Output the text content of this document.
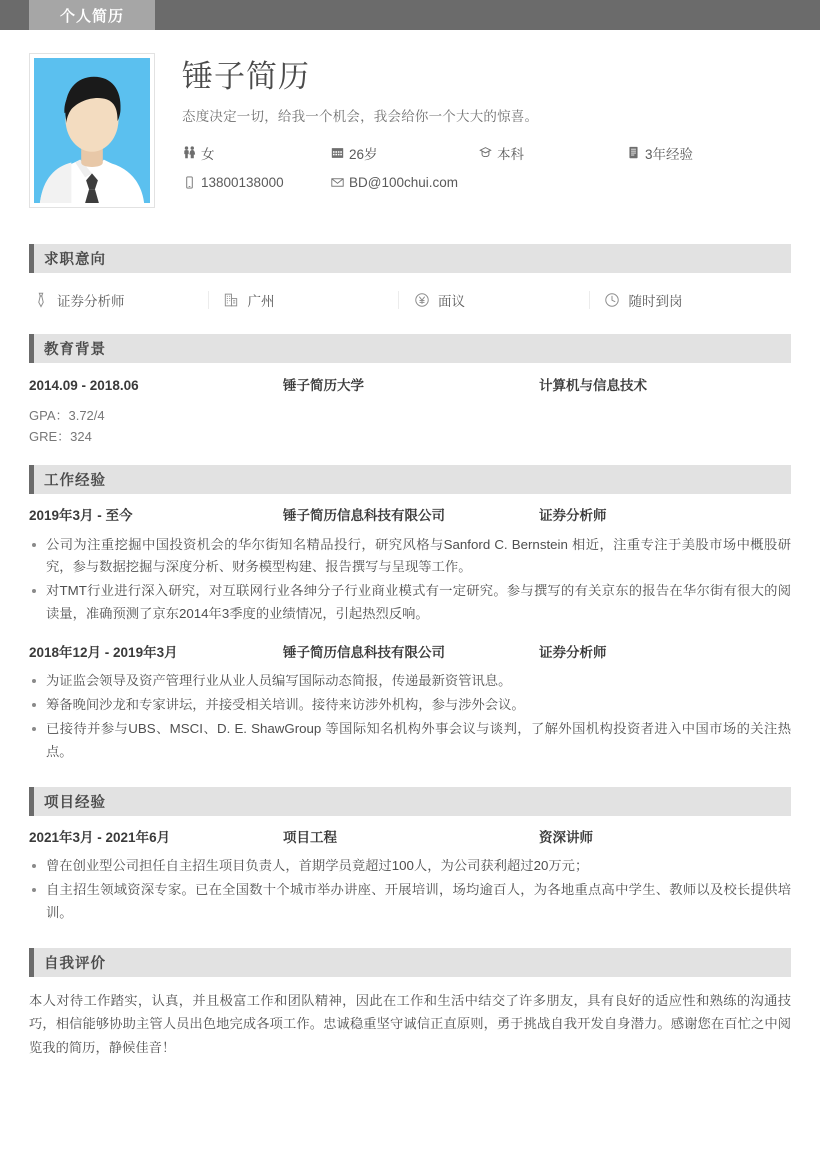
个人简历
锤子简历
态度决定一切，给我一个机会，我会给你一个大大的惊喜。
女	26岁	本科	3年经验
13800138000	BD@100chui.com
求职意向
证券分析师	广州	面议	随时到岗
教育背景
2014.09 - 2018.06	锤子简历大学	计算机与信息技术
GPA：3.72/4
GRE：324
工作经验
2019年3月 - 至今	锤子简历信息科技有限公司	证券分析师
公司为注重挖掘中国投资机会的华尔街知名精品投行，研究风格与Sanford C. Bernstein 相近，注重专注于美股市场中概股研究，参与数据挖掘与深度分析、财务模型构建、报告撰写与呈现等工作。
对TMT行业进行深入研究，对互联网行业各绅分子行业商业模式有一定研究。参与撰写的有关京东的报告在华尔街有很大的阅读量，准确预测了京东2014年3季度的业绩情况，引起热烈反响。
2018年12月 - 2019年3月	锤子简历信息科技有限公司	证券分析师
为证监会领导及资产管理行业从业人员编写国际动态简报，传递最新资管讯息。
筹备晚间沙龙和专家讲坛，并接受相关培训。接待来访涉外机构，参与涉外会议。
已接待并参与UBS、MSCI、D. E. ShawGroup 等国际知名机构外事会议与谈判，了解外国机构投资者进入中国市场的关注热点。
项目经验
2021年3月 - 2021年6月	项目工程	资深讲师
曾在创业型公司担任自主招生项目负责人，首期学员竟超过100人，为公司获利超过20万元；
自主招生领域资深专家。已在全国数十个城市举办讲座、开展培训，场均逾百人，为各地重点高中学生、教师以及校长提供培训。
自我评价

本人对待工作踏实，认真，并且极富工作和团队精神，因此在工作和生活中结交了许多朋友，具有良好的适应性和熟练的沟通技巧，相信能够协助主管人员出色地完成各项工作。忠诚稳重坚守诚信正直原则，勇于挑战自我开发自身潜力。感谢您在百忙之中阅览我的简历，静候佳音！
